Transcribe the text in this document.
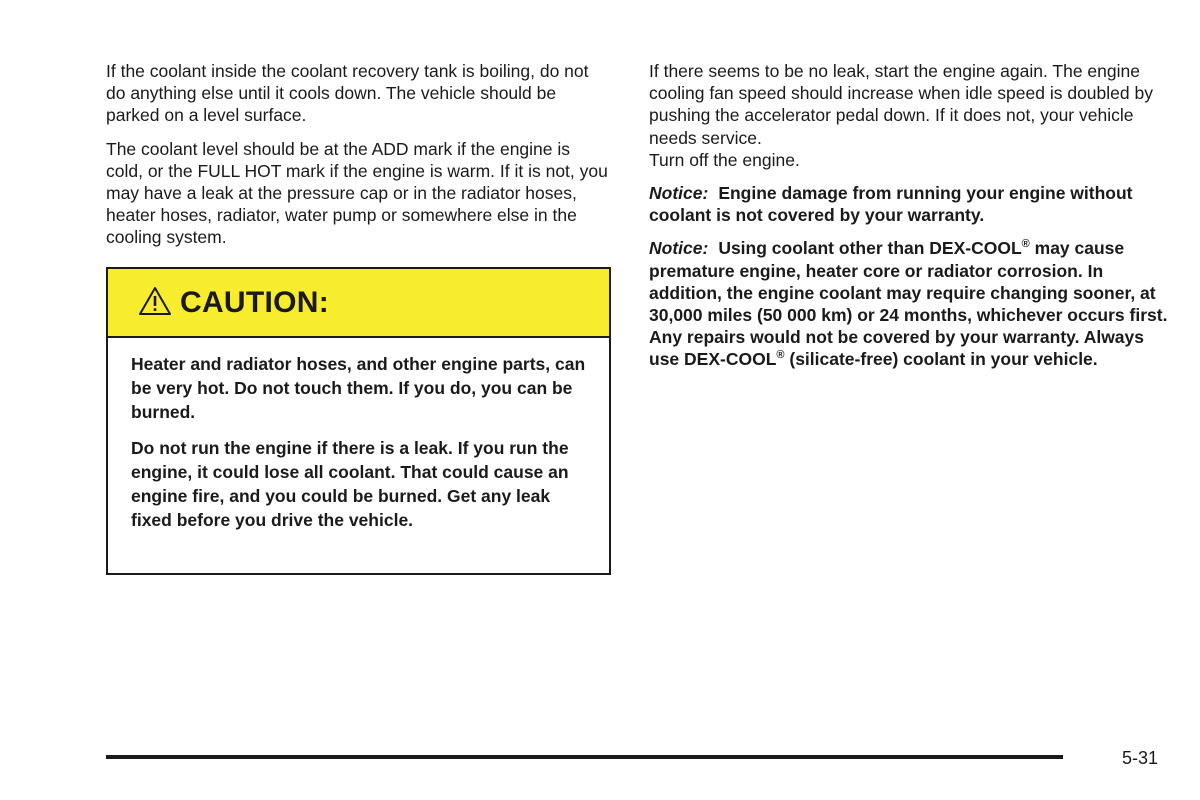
If the coolant inside the coolant recovery tank is boiling, do not do anything else until it cools down. The vehicle should be parked on a level surface.

The coolant level should be at the ADD mark if the engine is cold, or the FULL HOT mark if the engine is warm. If it is not, you may have a leak at the pressure cap or in the radiator hoses, heater hoses, radiator, water pump or somewhere else in the cooling system.

CAUTION:

Heater and radiator hoses, and other engine parts, can be very hot. Do not touch them. If you do, you can be burned.

Do not run the engine if there is a leak. If you run the engine, it could lose all coolant. That could cause an engine fire, and you could be burned. Get any leak fixed before you drive the vehicle.

If there seems to be no leak, start the engine again. The engine cooling fan speed should increase when idle speed is doubled by pushing the accelerator pedal down. If it does not, your vehicle needs service.

Turn off the engine.

Notice: Engine damage from running your engine without coolant is not covered by your warranty.

Notice: Using coolant other than DEX-COOL® may cause premature engine, heater core or radiator corrosion. In addition, the engine coolant may require changing sooner, at 30,000 miles (50 000 km) or 24 months, whichever occurs first. Any repairs would not be covered by your warranty. Always use DEX-COOL® (silicate-free) coolant in your vehicle.

5-31
